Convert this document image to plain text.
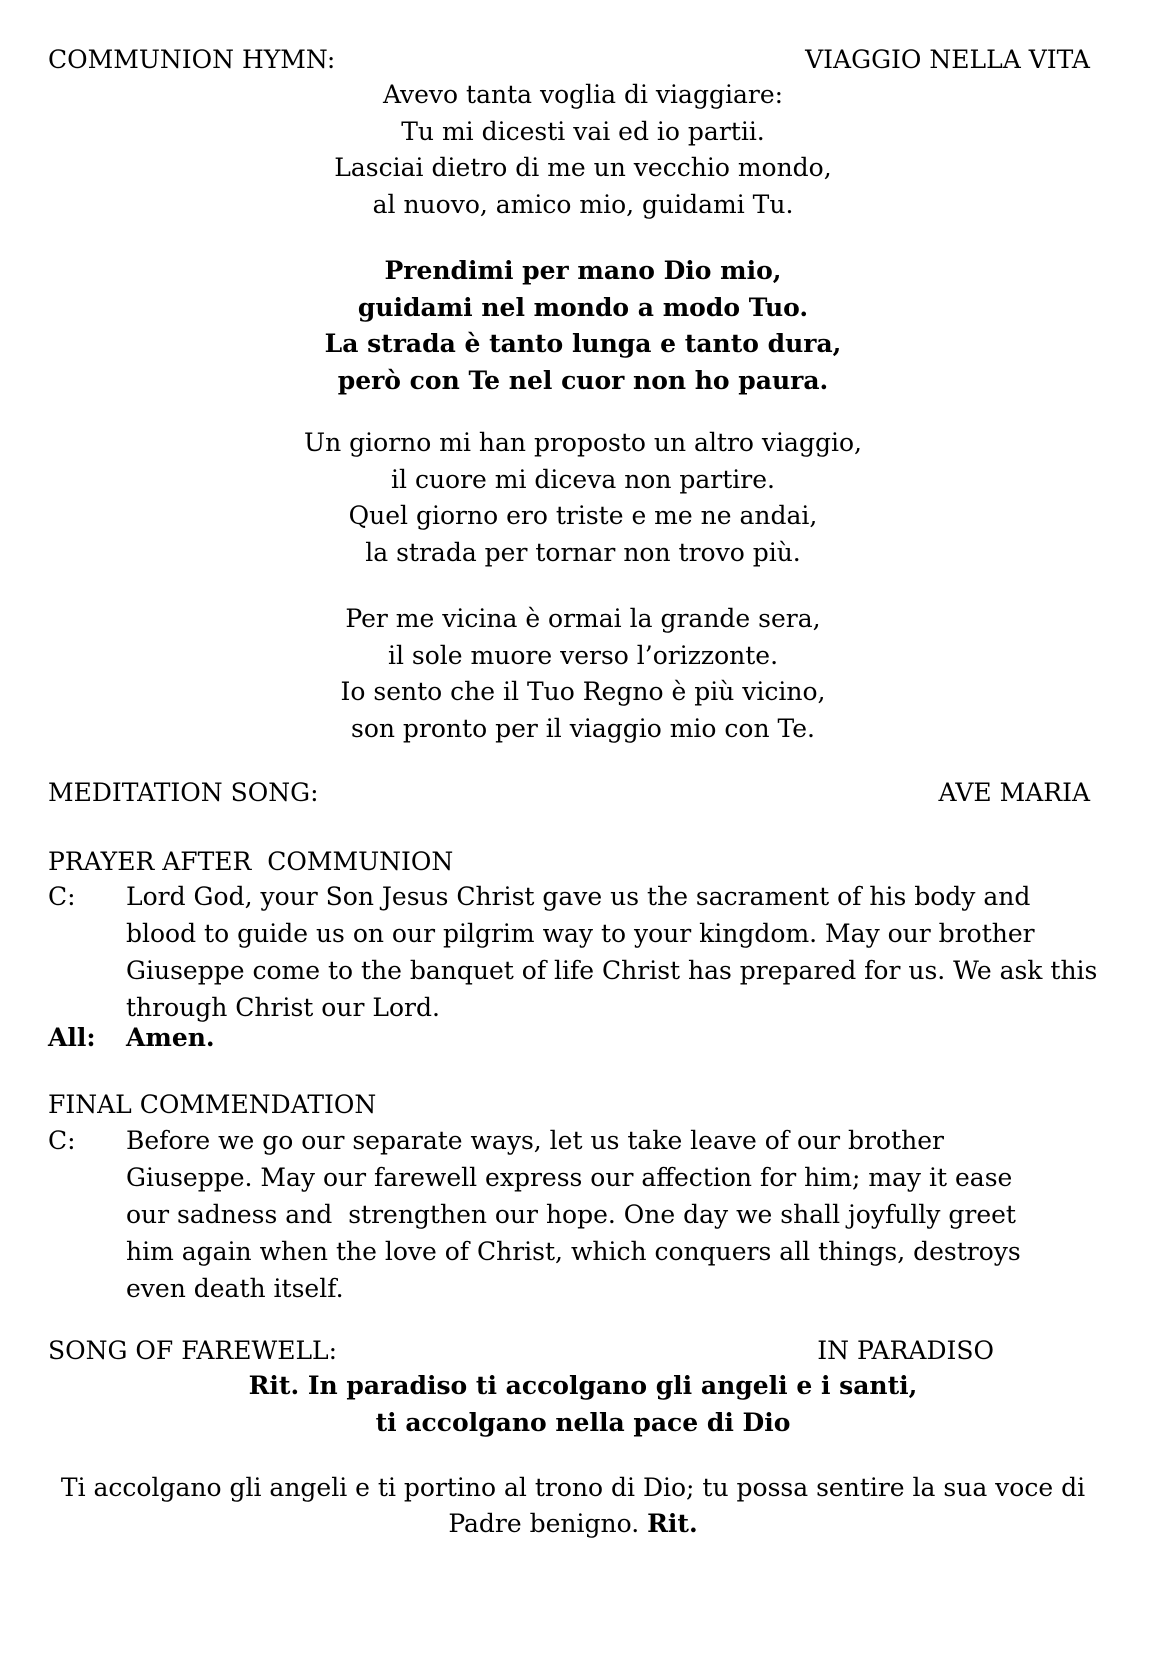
COMMUNION HYMN:	VIAGGIO NELLA VITA
Avevo tanta voglia di viaggiare:
Tu mi dicesti vai ed io partii.
Lasciai dietro di me un vecchio mondo,
al nuovo, amico mio, guidami Tu.
Prendimi per mano Dio mio,
guidami nel mondo a modo Tuo.
La strada è tanto lunga e tanto dura,
però con Te nel cuor non ho paura.
Un giorno mi han proposto un altro viaggio,
il cuore mi diceva non partire.
Quel giorno ero triste e me ne andai,
la strada per tornar non trovo più.
Per me vicina è ormai la grande sera,
il sole muore verso l’orizzonte.
Io sento che il Tuo Regno è più vicino,
son pronto per il viaggio mio con Te.
MEDITATION SONG:	AVE MARIA
PRAYER AFTER  COMMUNION
C:	Lord God, your Son Jesus Christ gave us the sacrament of his body and blood to guide us on our pilgrim way to your kingdom. May our brother Giuseppe come to the banquet of life Christ has prepared for us. We ask this through Christ our Lord.
All: Amen.
FINAL COMMENDATION
C:	Before we go our separate ways, let us take leave of our brother Giuseppe. May our farewell express our affection for him; may it ease our sadness and  strengthen our hope. One day we shall joyfully greet him again when the love of Christ, which conquers all things, destroys even death itself.
SONG OF FAREWELL:	IN PARADISO
Rit. In paradiso ti accolgano gli angeli e i santi,
ti accolgano nella pace di Dio
Ti accolgano gli angeli e ti portino al trono di Dio; tu possa sentire la sua voce di Padre benigno. Rit.
